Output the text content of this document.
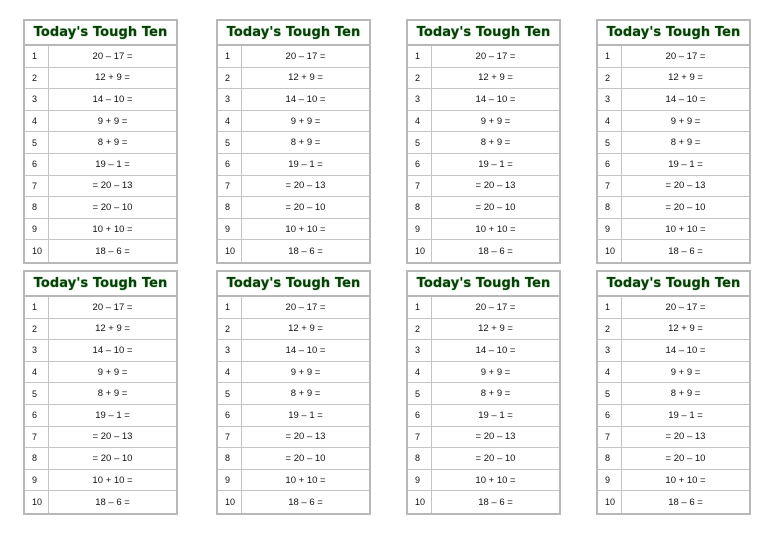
Today's Tough Ten
1	20 – 17 =
2	12 + 9 =
3	14 – 10 =
4	9 + 9 =
5	8 + 9 =
6	19 – 1 =
7	= 20 – 13
8	= 20 – 10
9	10 + 10 =
10	18 – 6 =
Today's Tough Ten
1	20 – 17 =
2	12 + 9 =
3	14 – 10 =
4	9 + 9 =
5	8 + 9 =
6	19 – 1 =
7	= 20 – 13
8	= 20 – 10
9	10 + 10 =
10	18 – 6 =
Today's Tough Ten
1	20 – 17 =
2	12 + 9 =
3	14 – 10 =
4	9 + 9 =
5	8 + 9 =
6	19 – 1 =
7	= 20 – 13
8	= 20 – 10
9	10 + 10 =
10	18 – 6 =
Today's Tough Ten
1	20 – 17 =
2	12 + 9 =
3	14 – 10 =
4	9 + 9 =
5	8 + 9 =
6	19 – 1 =
7	= 20 – 13
8	= 20 – 10
9	10 + 10 =
10	18 – 6 =
Today's Tough Ten
1	20 – 17 =
2	12 + 9 =
3	14 – 10 =
4	9 + 9 =
5	8 + 9 =
6	19 – 1 =
7	= 20 – 13
8	= 20 – 10
9	10 + 10 =
10	18 – 6 =
Today's Tough Ten
1	20 – 17 =
2	12 + 9 =
3	14 – 10 =
4	9 + 9 =
5	8 + 9 =
6	19 – 1 =
7	= 20 – 13
8	= 20 – 10
9	10 + 10 =
10	18 – 6 =
Today's Tough Ten
1	20 – 17 =
2	12 + 9 =
3	14 – 10 =
4	9 + 9 =
5	8 + 9 =
6	19 – 1 =
7	= 20 – 13
8	= 20 – 10
9	10 + 10 =
10	18 – 6 =
Today's Tough Ten
1	20 – 17 =
2	12 + 9 =
3	14 – 10 =
4	9 + 9 =
5	8 + 9 =
6	19 – 1 =
7	= 20 – 13
8	= 20 – 10
9	10 + 10 =
10	18 – 6 =
